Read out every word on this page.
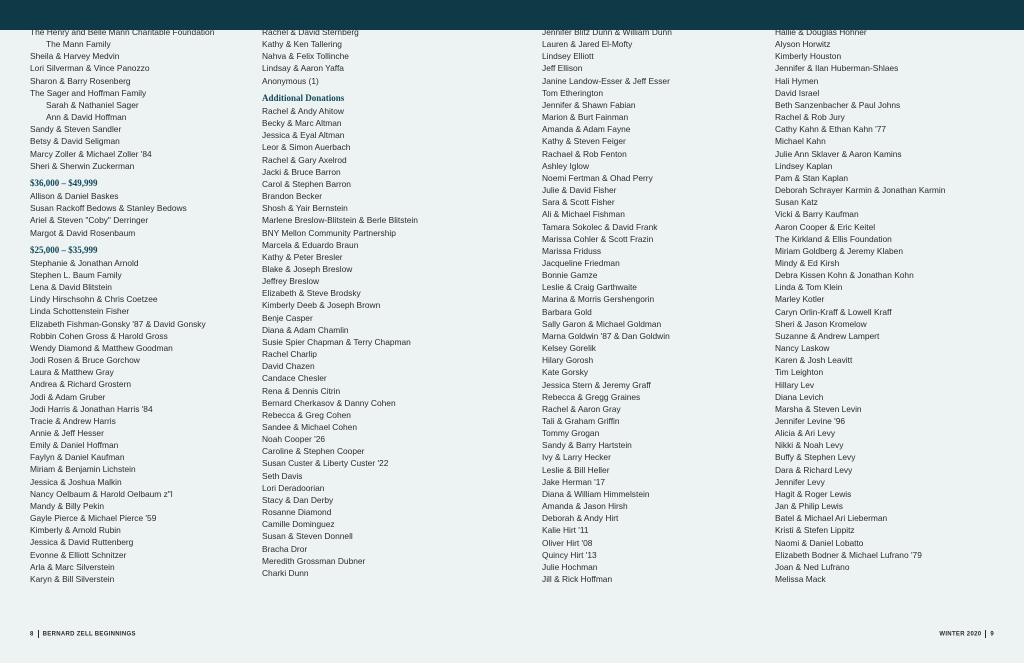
The Henry and Belle Mann Charitable Foundation
The Mann Family
Sheila & Harvey Medvin
Lori Silverman & Vince Panozzo
Sharon & Barry Rosenberg
The Sager and Hoffman Family
Sarah & Nathaniel Sager
Ann & David Hoffman
Sandy & Steven Sandler
Betsy & David Seligman
Marcy Zoller & Michael Zoller '84
Sheri & Sherwin Zuckerman
$36,000 – $49,999
Allison & Daniel Baskes
Susan Rackoff Bedows & Stanley Bedows
Ariel & Steven "Coby" Derringer
Margot & David Rosenbaum
$25,000 – $35,999
Stephanie & Jonathan Arnold
Stephen L. Baum Family
Lena & David Blitstein
Lindy Hirschsohn & Chris Coetzee
Linda Schottenstein Fisher
Elizabeth Fishman-Gonsky '87 & David Gonsky
Robbin Cohen Gross & Harold Gross
Wendy Diamond & Matthew Goodman
Jodi Rosen & Bruce Gorchow
Laura & Matthew Gray
Andrea & Richard Grostern
Jodi & Adam Gruber
Jodi Harris & Jonathan Harris '84
Tracie & Andrew Harris
Annie & Jeff Hesser
Emily & Daniel Hoffman
Faylyn & Daniel Kaufman
Miriam & Benjamin Lichstein
Jessica & Joshua Malkin
Nancy Oelbaum & Harold Oelbaum z"l
Mandy & Billy Pekin
Gayle Pierce & Michael Pierce '59
Kimberly & Arnold Rubin
Jessica & David Ruttenberg
Evonne & Elliott Schnitzer
Arla & Marc Silverstein
Karyn & Bill Silverstein
Rachel & David Sternberg
Kathy & Ken Tallering
Nahva & Felix Tollinche
Lindsay & Aaron Yaffa
Anonymous (1)
Additional Donations
Rachel & Andy Ahitow
Becky & Marc Altman
Jessica & Eyal Altman
Leor & Simon Auerbach
Rachel & Gary Axelrod
Jacki & Bruce Barron
Carol & Stephen Barron
Brandon Becker
Shosh & Yair Bernstein
Marlene Breslow-Blitstein & Berle Blitstein
BNY Mellon Community Partnership
Marcela & Eduardo Braun
Kathy & Peter Bresler
Blake & Joseph Breslow
Jeffrey Breslow
Elizabeth & Steve Brodsky
Kimberly Deeb & Joseph Brown
Benje Casper
Diana & Adam Chamlin
Susie Spier Chapman & Terry Chapman
Rachel Charlip
David Chazen
Candace Chesler
Rena & Dennis Citrin
Bernard Cherkasov & Danny Cohen
Rebecca & Greg Cohen
Sandee & Michael Cohen
Noah Cooper '26
Caroline & Stephen Cooper
Susan Custer & Liberty Custer '22
Seth Davis
Lori Deradoorian
Stacy & Dan Derby
Rosanne Diamond
Camille Dominguez
Susan & Steven Donnell
Bracha Dror
Meredith Grossman Dubner
Charki Dunn
Jennifer Blitz Dunn & William Dunn
Lauren & Jared El-Mofty
Lindsey Elliott
Jeff Ellison
Janine Landow-Esser & Jeff Esser
Tom Etherington
Jennifer & Shawn Fabian
Marion & Burt Fainman
Amanda & Adam Fayne
Kathy & Steven Feiger
Rachael & Rob Fenton
Ashley Iglow
Noemi Fertman & Ohad Perry
Julie & David Fisher
Sara & Scott Fisher
Ali & Michael Fishman
Tamara Sokolec & David Frank
Marissa Cohler & Scott Frazin
Marissa Friduss
Jacqueline Friedman
Bonnie Gamze
Leslie & Craig Garthwaite
Marina & Morris Gershengorin
Barbara Gold
Sally Garon & Michael Goldman
Marna Goldwin '87 & Dan Goldwin
Kelsey Gorelik
Hilary Gorosh
Kate Gorsky
Jessica Stern & Jeremy Graff
Rebecca & Gregg Graines
Rachel & Aaron Gray
Tali & Graham Griffin
Tommy Grogan
Sandy & Barry Hartstein
Ivy & Larry Hecker
Leslie & Bill Heller
Jake Herman '17
Diana & William Himmelstein
Amanda & Jason Hirsh
Deborah & Andy Hirt
Kalie Hirt '11
Oliver Hirt '08
Quincy Hirt '13
Julie Hochman
Jill & Rick Hoffman
Hallie & Douglas Hohner
Alyson Horwitz
Kimberly Houston
Jennifer & Ilan Huberman-Shlaes
Hali Hymen
David Israel
Beth Sanzenbacher & Paul Johns
Rachel & Rob Jury
Cathy Kahn & Ethan Kahn '77
Michael Kahn
Julie Ann Sklaver & Aaron Kamins
Lindsey Kaplan
Pam & Stan Kaplan
Deborah Schrayer Karmin & Jonathan Karmin
Susan Katz
Vicki & Barry Kaufman
Aaron Cooper & Eric Keitel
The Kirkland & Ellis Foundation
Miriam Goldberg & Jeremy Klaben
Mindy & Ed Kirsh
Debra Kissen Kohn & Jonathan Kohn
Linda & Tom Klein
Marley Kotler
Caryn Orlin-Kraff & Lowell Kraff
Sheri & Jason Kromelow
Suzanne & Andrew Lampert
Nancy Laskow
Karen & Josh Leavitt
Tim Leighton
Hillary Lev
Diana Levich
Marsha & Steven Levin
Jennifer Levine '96
Alicia & Ari Levy
Nikki & Noah Levy
Buffy & Stephen Levy
Dara & Richard Levy
Jennifer Levy
Hagit & Roger Lewis
Jan & Philip Lewis
Batel & Michael Ari Lieberman
Kristi & Stefen Lippitz
Naomi & Daniel Lobatto
Elizabeth Bodner & Michael Lufrano '79
Joan & Ned Lufrano
Melissa Mack
8 BERNARD ZELL BEGINNINGS	WINTER 2020 9
